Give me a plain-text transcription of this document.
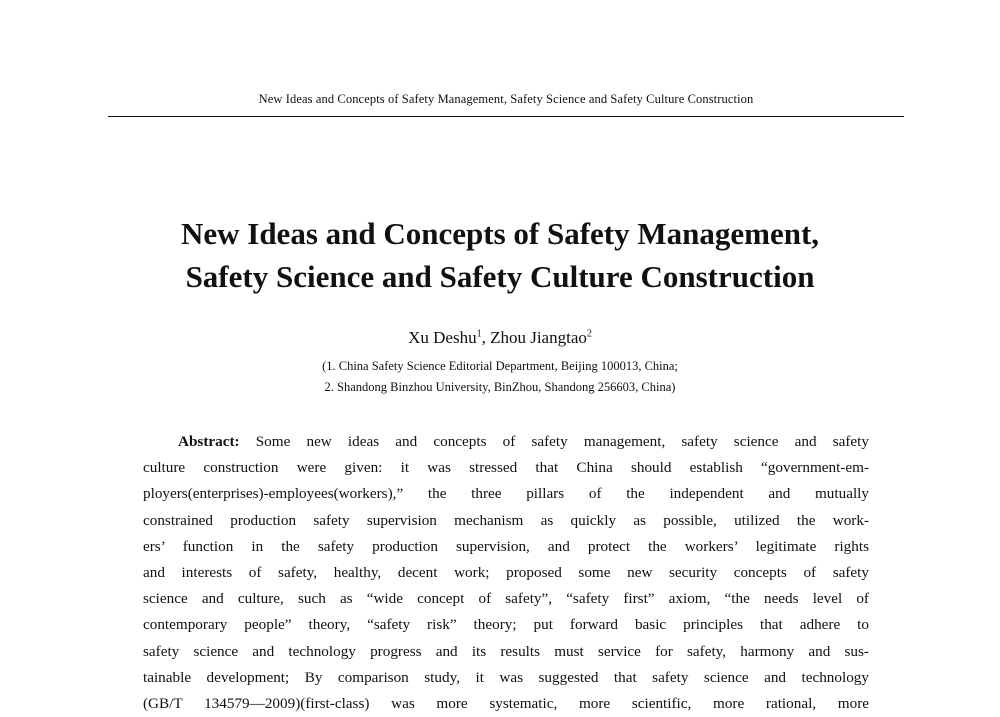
New Ideas and Concepts of Safety Management, Safety Science and Safety Culture Construction
New Ideas and Concepts of Safety Management,
Safety Science and Safety Culture Construction
Xu Deshu$^1$, Zhou Jiangtao$^2$
(1. China Safety Science Editorial Department, Beijing 100013, China;
2. Shandong Binzhou University, BinZhou, Shandong 256603, China)
Abstract: Some new ideas and concepts of safety management, safety science and safety
culture construction were given: it was stressed that China should establish “government-em-
ployers(enterprises)-employees(workers),” the three pillars of the independent and mutually
constrained production safety supervision mechanism as quickly as possible, utilized the work-
ers’ function in the safety production supervision, and protect the workers’ legitimate rights
and interests of safety, healthy, decent work; proposed some new security concepts of safety
science and culture, such as “wide concept of safety”, “safety first” axiom, “the needs level of
contemporary people” theory, “safety risk” theory; put forward basic principles that adhere to
safety science and technology progress and its results must service for safety, harmony and sus-
tainable development; By comparison study, it was suggested that safety science and technology
(GB/T 134579—2009)(first-class) was more systematic, more scientific, more rational, more
